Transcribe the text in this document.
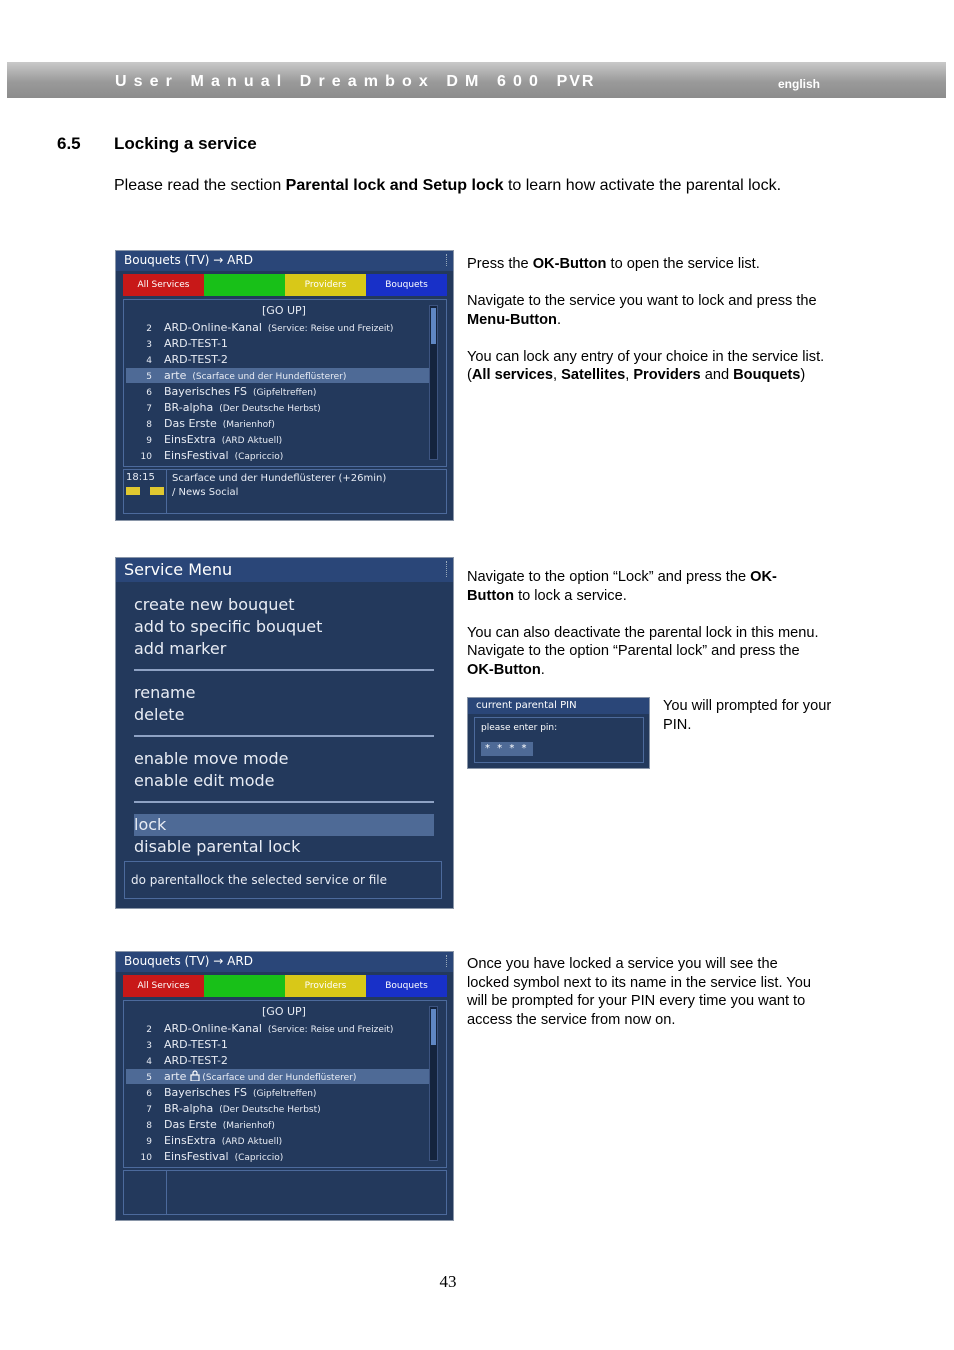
User Manual Dreambox DM 600 PVR	english
6.5 Locking a service
Please read the section Parental lock and Setup lock to learn how activate the parental lock.
Bouquets (TV) → ARD
All Services	Providers	Bouquets
[GO UP]
2 ARD-Online-Kanal (Service: Reise und Freizeit)
3 ARD-TEST-1
4 ARD-TEST-2
5 arte (Scarface und der Hundeflüsterer)
6 Bayerisches FS (Gipfeltreffen)
7 BR-alpha (Der Deutsche Herbst)
8 Das Erste (Marienhof)
9 EinsExtra (ARD Aktuell)
10 EinsFestival (Capriccio)
18:15 Scarface und der Hundeflüsterer (+26min)
/ News Social

Press the OK-Button to open the service list.

Navigate to the service you want to lock and press the Menu-Button.

You can lock any entry of your choice in the service list. (All services, Satellites, Providers and Bouquets)

Service Menu
create new bouquet
add to specific bouquet
add marker
rename
delete
enable move mode
enable edit mode
lock
disable parental lock
do parentallock the selected service or file

Navigate to the option “Lock” and press the OK-Button to lock a service.

You can also deactivate the parental lock in this menu. Navigate to the option “Parental lock” and press the OK-Button.

current parental PIN
please enter pin:
* * * *
You will prompted for your PIN.
Bouquets (TV) → ARD
All Services	Providers	Bouquets
[GO UP]
2 ARD-Online-Kanal (Service: Reise und Freizeit)
3 ARD-TEST-1
4 ARD-TEST-2
5 arte (Scarface und der Hundeflüsterer)
6 Bayerisches FS (Gipfeltreffen)
7 BR-alpha (Der Deutsche Herbst)
8 Das Erste (Marienhof)
9 EinsExtra (ARD Aktuell)
10 EinsFestival (Capriccio)
Once you have locked a service you will see the locked symbol next to its name in the service list. You will be prompted for your PIN every time you want to access the service from now on.
43
